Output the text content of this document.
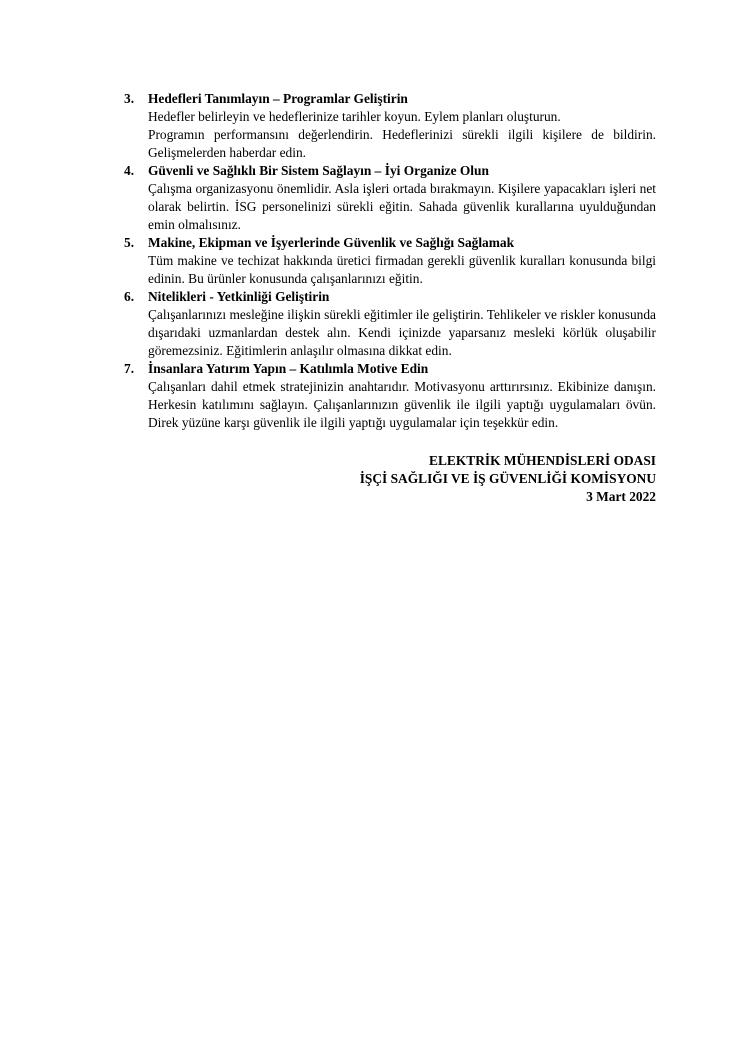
3. Hedefleri Tanımlayın – Programlar Geliştirin

Hedefler belirleyin ve hedeflerinize tarihler koyun. Eylem planları oluşturun.

Programın performansını değerlendirin. Hedeflerinizi sürekli ilgili kişilere de bildirin. Gelişmelerden haberdar edin.

4. Güvenli ve Sağlıklı Bir Sistem Sağlayın – İyi Organize Olun

Çalışma organizasyonu önemlidir. Asla işleri ortada bırakmayın. Kişilere yapacakları işleri net olarak belirtin. İSG personelinizi sürekli eğitin. Sahada güvenlik kurallarına uyulduğundan emin olmalısınız.

5. Makine, Ekipman ve İşyerlerinde Güvenlik ve Sağlığı Sağlamak

Tüm makine ve techizat hakkında üretici firmadan gerekli güvenlik kuralları konusunda bilgi edinin. Bu ürünler konusunda çalışanlarınızı eğitin.

6. Nitelikleri - Yetkinliği Geliştirin

Çalışanlarınızı mesleğine ilişkin sürekli eğitimler ile geliştirin. Tehlikeler ve riskler konusunda dışarıdaki uzmanlardan destek alın. Kendi içinizde yaparsanız mesleki körlük oluşabilir göremezsiniz. Eğitimlerin anlaşılır olmasına dikkat edin.

7. İnsanlara Yatırım Yapın – Katılımla Motive Edin

Çalışanları dahil etmek stratejinizin anahtarıdır. Motivasyonu arttırırsınız. Ekibinize danışın. Herkesin katılımını sağlayın. Çalışanlarınızın güvenlik ile ilgili yaptığı uygulamaları övün. Direk yüzüne karşı güvenlik ile ilgili yaptığı uygulamalar için teşekkür edin.

ELEKTRİK MÜHENDİSLERİ ODASI
İŞÇİ SAĞLIĞI VE İŞ GÜVENLİĞİ KOMİSYONU
3 Mart 2022
